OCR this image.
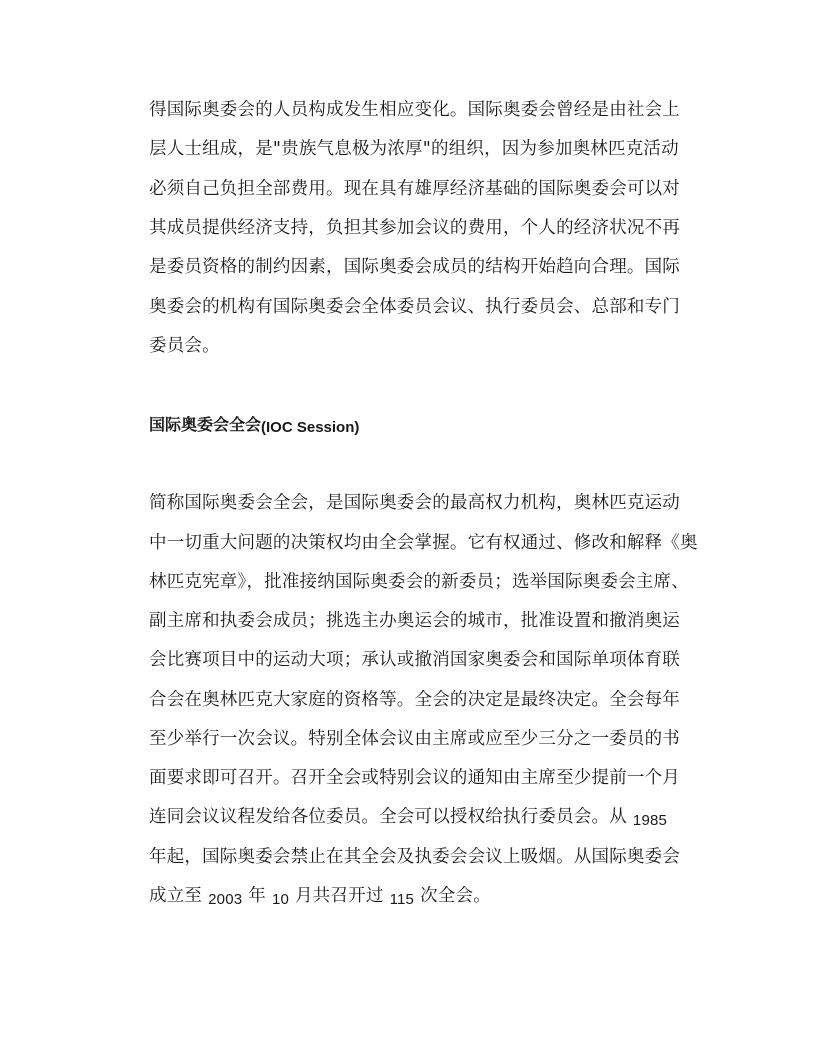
得国际奥委会的人员构成发生相应变化。国际奥委会曾经是由社会上
层人士组成，是"贵族气息极为浓厚"的组织，因为参加奥林匹克活动
必须自己负担全部费用。现在具有雄厚经济基础的国际奥委会可以对
其成员提供经济支持，负担其参加会议的费用，个人的经济状况不再
是委员资格的制约因素，国际奥委会成员的结构开始趋向合理。国际
奥委会的机构有国际奥委会全体委员会议、执行委员会、总部和专门
委员会。
国际奥委会全会(IOC Session)
简称国际奥委会全会，是国际奥委会的最高权力机构，奥林匹克运动
中一切重大问题的决策权均由全会掌握。它有权通过、修改和解释《奥
林匹克宪章》，批准接纳国际奥委会的新委员；选举国际奥委会主席、
副主席和执委会成员；挑选主办奥运会的城市，批准设置和撤消奥运
会比赛项目中的运动大项；承认或撤消国家奥委会和国际单项体育联
合会在奥林匹克大家庭的资格等。全会的决定是最终决定。全会每年
至少举行一次会议。特别全体会议由主席或应至少三分之一委员的书
面要求即可召开。召开全会或特别会议的通知由主席至少提前一个月
连同会议议程发给各位委员。全会可以授权给执行委员会。从 1985
年起，国际奥委会禁止在其全会及执委会会议上吸烟。从国际奥委会
成立至 2003 年 10 月共召开过 115 次全会。
